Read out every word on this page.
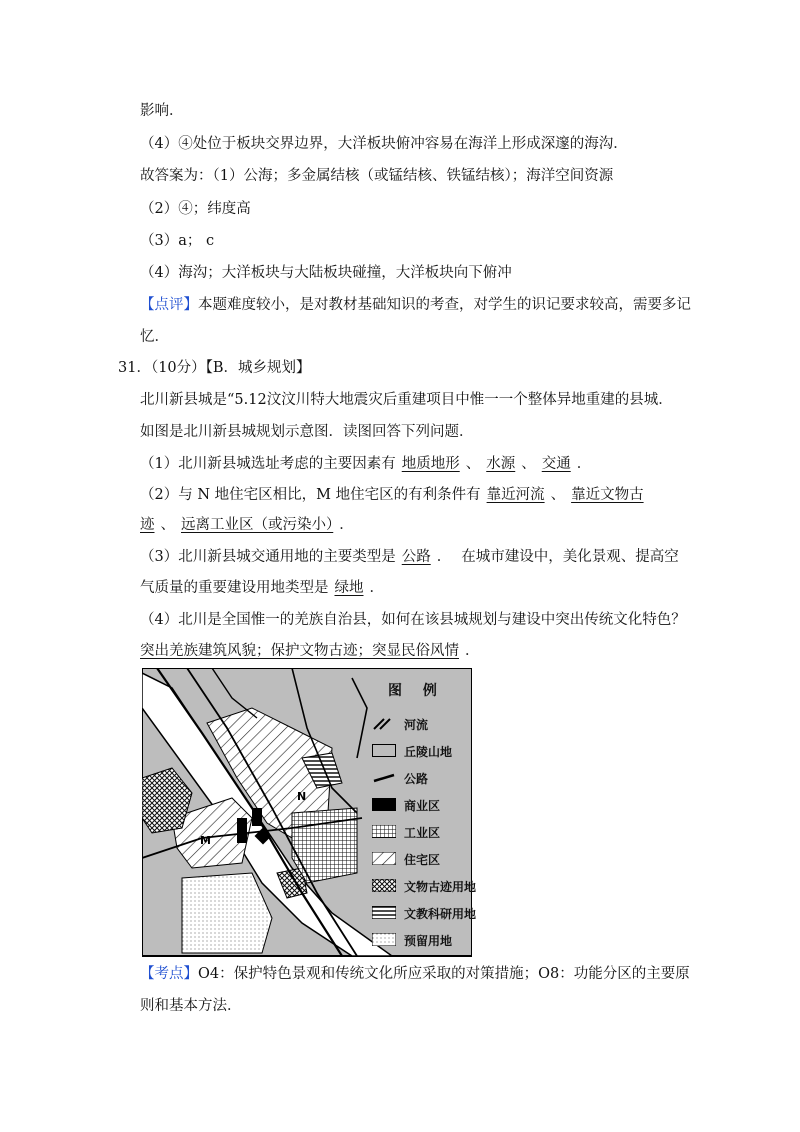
影响．
（4）④处位于板块交界边界，大洋板块俯冲容易在海洋上形成深邃的海沟．
故答案为：（1）公海；多金属结核（或锰结核、铁锰结核）；海洋空间资源
（2）④；纬度高
（3）a； c
（4）海沟；大洋板块与大陆板块碰撞，大洋板块向下俯冲
【点评】本题难度较小，是对教材基础知识的考查，对学生的识记要求较高，需要多记
忆．
31．（10分）【B．城乡规划】
北川新县城是“5.12汶汶川特大地震灾后重建项目中惟一一个整体异地重建的县城．
如图是北川新县城规划示意图．读图回答下列问题．
（1）北川新县城选址考虑的主要因素有 地质地形 、 水源 、 交通 ．
（2）与 N 地住宅区相比，M 地住宅区的有利条件有 靠近河流 、 靠近文物古
迹 、 远离工业区（或污染小） ．
（3）北川新县城交通用地的主要类型是 公路 ． 在城市建设中，美化景观、提高空
气质量的重要建设用地类型是 绿地 ．
（4）北川是全国惟一的羌族自治县，如何在该县城规划与建设中突出传统文化特色？
突出羌族建筑风貌；保护文物古迹；突显民俗风情 ．
M
N
图 例
河流
丘陵山地
公路
商业区
工业区
住宅区
文物古迹用地
文教科研用地
预留用地
【考点】O4：保护特色景观和传统文化所应采取的对策措施；O8：功能分区的主要原
则和基本方法．
